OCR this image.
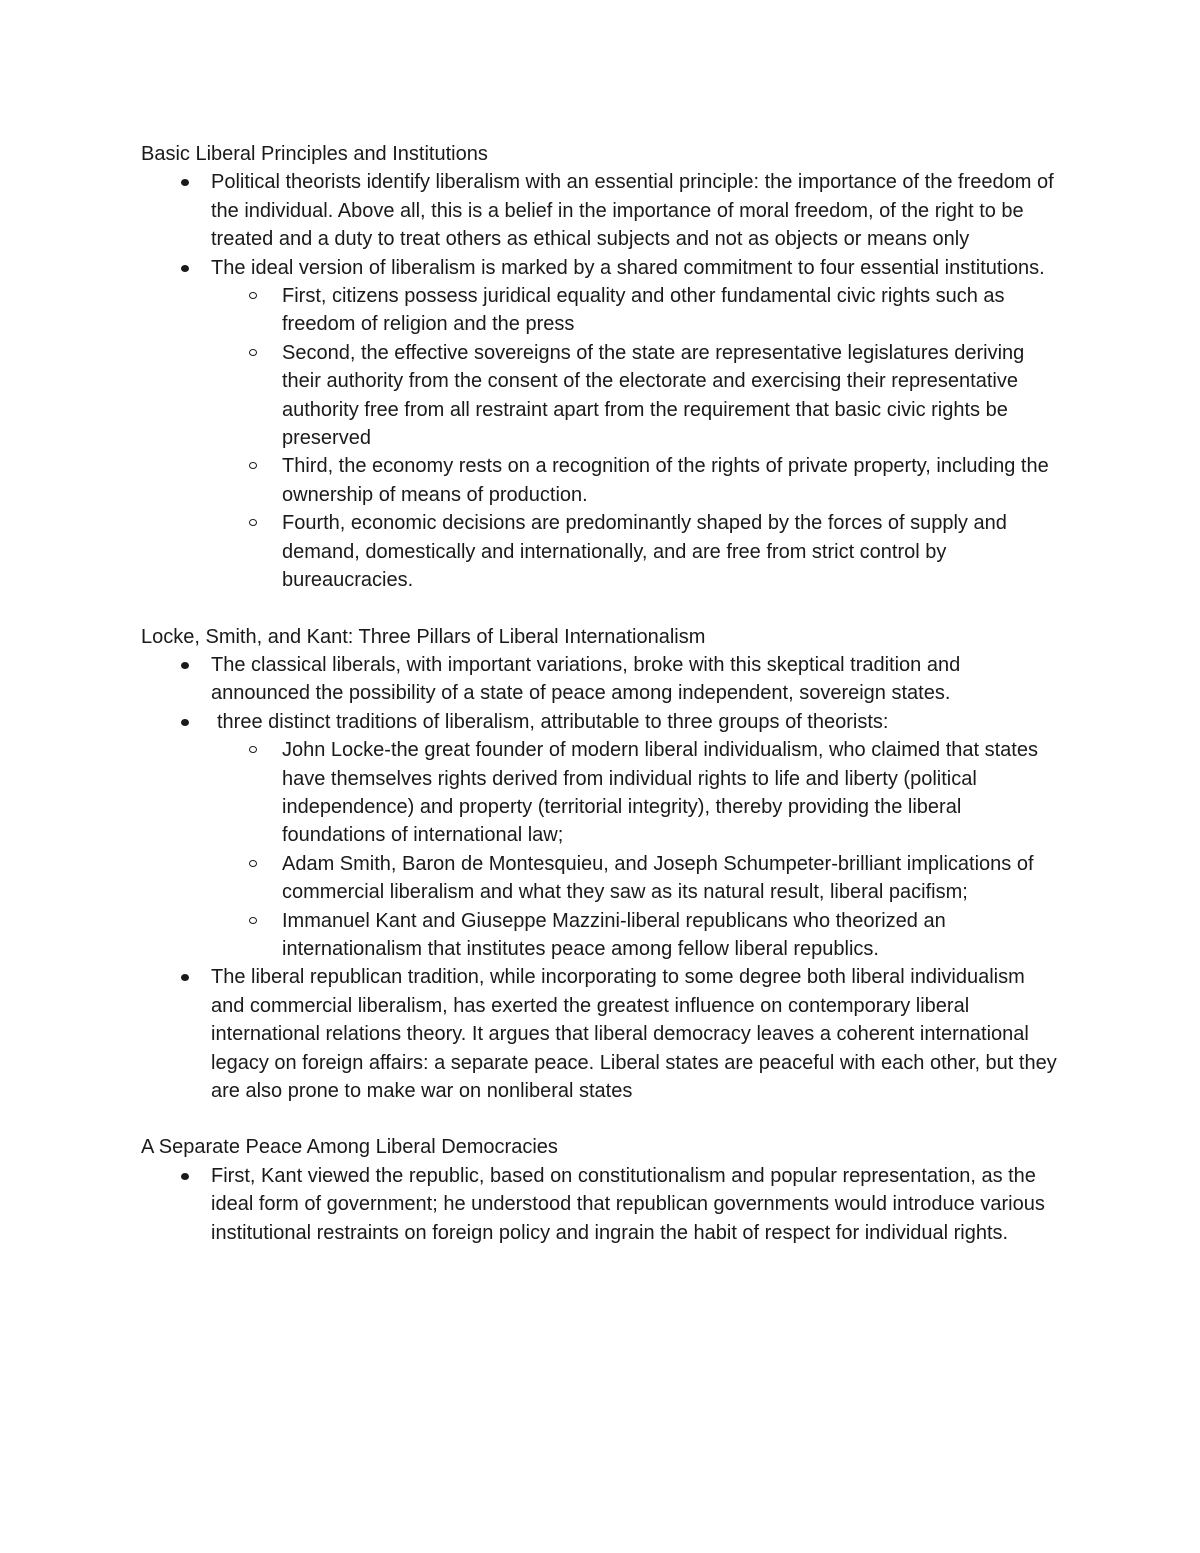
Basic Liberal Principles and Institutions

Political theorists identify liberalism with an essential principle: the importance of the freedom of the individual. Above all, this is a belief in the importance of moral freedom, of the right to be treated and a duty to treat others as ethical subjects and not as objects or means only
The ideal version of liberalism is marked by a shared commitment to four essential institutions.
First, citizens possess juridical equality and other fundamental civic rights such as freedom of religion and the press
Second, the effective sovereigns of the state are representative legislatures deriving their authority from the consent of the electorate and exercising their representative authority free from all restraint apart from the requirement that basic civic rights be preserved
Third, the economy rests on a recognition of the rights of private property, including the ownership of means of production.
Fourth, economic decisions are predominantly shaped by the forces of supply and demand, domestically and internationally, and are free from strict control by bureaucracies.

Locke, Smith, and Kant: Three Pillars of Liberal Internationalism

The classical liberals, with important variations, broke with this skeptical tradition and announced the possibility of a state of peace among independent, sovereign states.
three distinct traditions of liberalism, attributable to three groups of theorists:
John Locke-the great founder of modern liberal individualism, who claimed that states have themselves rights derived from individual rights to life and liberty (political independence) and property (territorial integrity), thereby providing the liberal foundations of international law;
Adam Smith, Baron de Montesquieu, and Joseph Schumpeter-brilliant implications of commercial liberalism and what they saw as its natural result, liberal pacifism;
Immanuel Kant and Giuseppe Mazzini-liberal republicans who theorized an internationalism that institutes peace among fellow liberal republics.
The liberal republican tradition, while incorporating to some degree both liberal individualism and commercial liberalism, has exerted the greatest influence on contemporary liberal international relations theory. It argues that liberal democracy leaves a coherent international legacy on foreign affairs: a separate peace. Liberal states are peaceful with each other, but they are also prone to make war on nonliberal states

A Separate Peace Among Liberal Democracies

First, Kant viewed the republic, based on constitutionalism and popular representation, as the ideal form of government; he understood that republican governments would introduce various institutional restraints on foreign policy and ingrain the habit of respect for individual rights.
